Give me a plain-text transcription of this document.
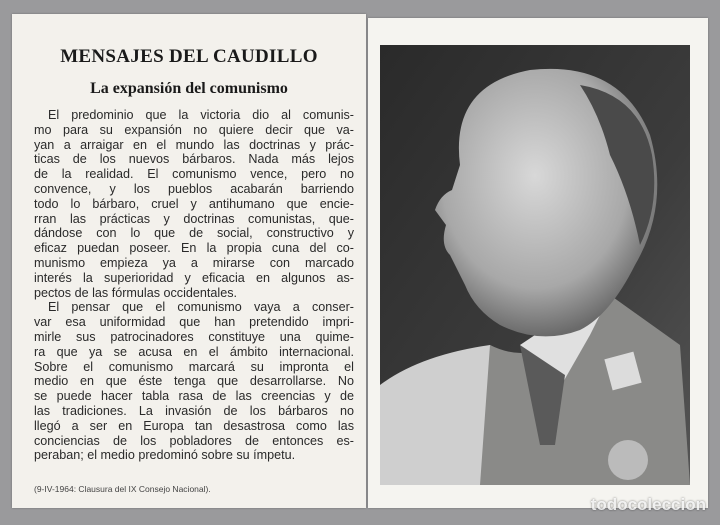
MENSAJES DEL CAUDILLO
La expansión del comunismo
El predominio que la victoria dio al comunis-
mo para su expansión no quiere decir que va-
yan a arraigar en el mundo las doctrinas y prác-
ticas de los nuevos bárbaros. Nada más lejos
de la realidad. El comunismo vence, pero no
convence, y los pueblos acabarán barriendo
todo lo bárbaro, cruel y antihumano que encie-
rran las prácticas y doctrinas comunistas, que-
dándose con lo que de social, constructivo y
eficaz puedan poseer. En la propia cuna del co-
munismo empieza ya a mirarse con marcado
interés la superioridad y eficacia en algunos as-
pectos de las fórmulas occidentales.
El pensar que el comunismo vaya a conser-
var esa uniformidad que han pretendido impri-
mirle sus patrocinadores constituye una quime-
ra que ya se acusa en el ámbito internacional.
Sobre el comunismo marcará su impronta el
medio en que éste tenga que desarrollarse. No
se puede hacer tabla rasa de las creencias y de
las tradiciones. La invasión de los bárbaros no
llegó a ser en Europa tan desastrosa como las
conciencias de los pobladores de entonces es-
peraban; el medio predominó sobre su ímpetu.
(9-IV-1964: Clausura del IX Consejo Nacional).
todocoleccion
